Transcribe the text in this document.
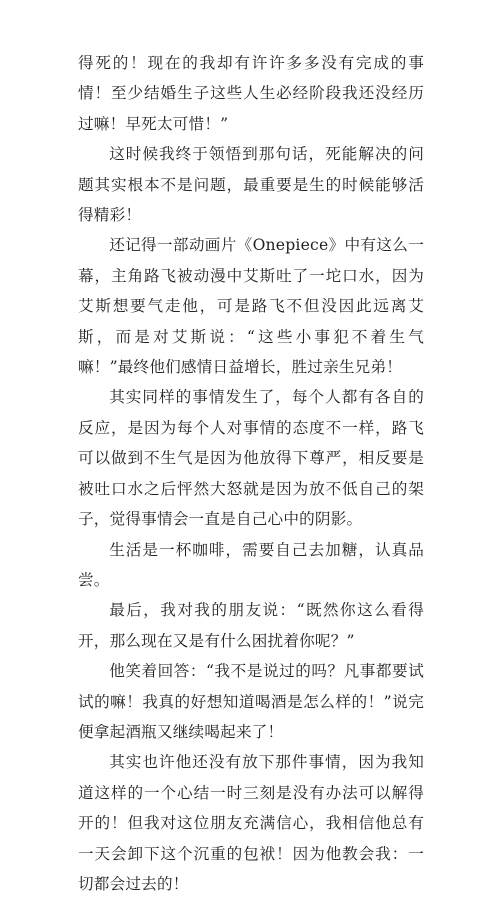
得死的！现在的我却有许许多多没有完成的事情！至少结婚生子这些人生必经阶段我还没经历过嘛！早死太可惜！”

这时候我终于领悟到那句话，死能解决的问题其实根本不是问题，最重要是生的时候能够活得精彩！

还记得一部动画片《Onepiece》中有这么一幕，主角路飞被动漫中艾斯吐了一坨口水，因为艾斯想要气走他，可是路飞不但没因此远离艾斯，而是对艾斯说：“这些小事犯不着生气嘛！”最终他们感情日益增长，胜过亲生兄弟！

其实同样的事情发生了，每个人都有各自的反应，是因为每个人对事情的态度不一样，路飞可以做到不生气是因为他放得下尊严，相反要是被吐口水之后怦然大怒就是因为放不低自己的架子，觉得事情会一直是自己心中的阴影。

生活是一杯咖啡，需要自己去加糖，认真品尝。

最后，我对我的朋友说：“既然你这么看得开，那么现在又是有什么困扰着你呢？”

他笑着回答：“我不是说过的吗？凡事都要试试的嘛！我真的好想知道喝酒是怎么样的！”说完便拿起酒瓶又继续喝起来了！

其实也许他还没有放下那件事情，因为我知道这样的一个心结一时三刻是没有办法可以解得开的！但我对这位朋友充满信心，我相信他总有一天会卸下这个沉重的包袱！因为他教会我：一切都会过去的！
